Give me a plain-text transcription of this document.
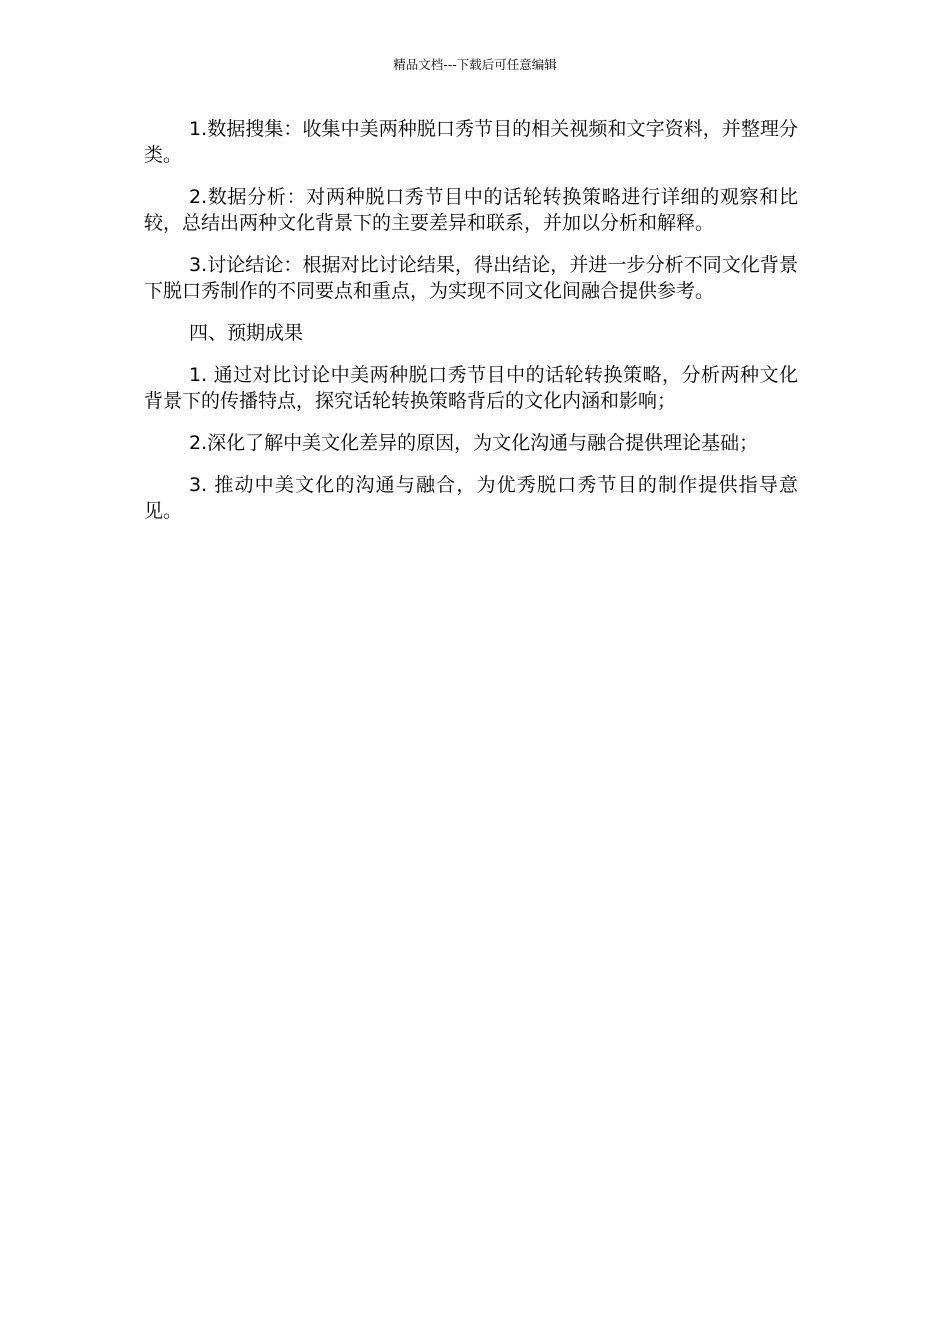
精品文档---下载后可任意编辑

1.数据搜集：收集中美两种脱口秀节目的相关视频和文字资料，并整理分类。

2.数据分析：对两种脱口秀节目中的话轮转换策略进行详细的观察和比较，总结出两种文化背景下的主要差异和联系，并加以分析和解释。

3.讨论结论：根据对比讨论结果，得出结论，并进一步分析不同文化背景下脱口秀制作的不同要点和重点，为实现不同文化间融合提供参考。

四、预期成果

1. 通过对比讨论中美两种脱口秀节目中的话轮转换策略，分析两种文化背景下的传播特点，探究话轮转换策略背后的文化内涵和影响；

2.深化了解中美文化差异的原因，为文化沟通与融合提供理论基础；

3. 推动中美文化的沟通与融合，为优秀脱口秀节目的制作提供指导意见。
